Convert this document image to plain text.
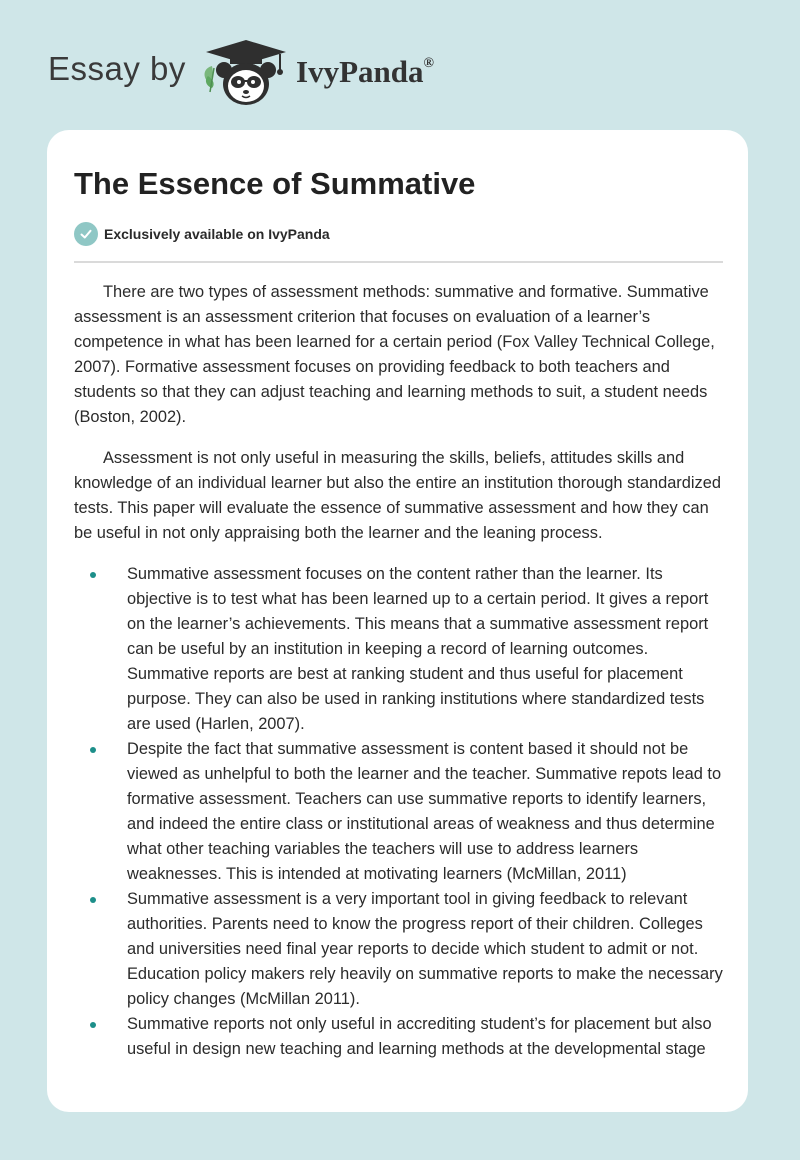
Essay by	IvyPanda®
The Essence of Summative
Exclusively available on IvyPanda

There are two types of assessment methods: summative and formative. Summative assessment is an assessment criterion that focuses on evaluation of a learner’s competence in what has been learned for a certain period (Fox Valley Technical College, 2007). Formative assessment focuses on providing feedback to both teachers and students so that they can adjust teaching and learning methods to suit, a student needs (Boston, 2002).

Assessment is not only useful in measuring the skills, beliefs, attitudes skills and knowledge of an individual learner but also the entire an institution thorough standardized tests. This paper will evaluate the essence of summative assessment and how they can be useful in not only appraising both the learner and the leaning process.

Summative assessment focuses on the content rather than the learner. Its objective is to test what has been learned up to a certain period. It gives a report on the learner’s achievements. This means that a summative assessment report can be useful by an institution in keeping a record of learning outcomes. Summative reports are best at ranking student and thus useful for placement purpose. They can also be used in ranking institutions where standardized tests are used (Harlen, 2007).
Despite the fact that summative assessment is content based it should not be viewed as unhelpful to both the learner and the teacher. Summative repots lead to formative assessment. Teachers can use summative reports to identify learners, and indeed the entire class or institutional areas of weakness and thus determine what other teaching variables the teachers will use to address learners weaknesses. This is intended at motivating learners (McMillan, 2011)
Summative assessment is a very important tool in giving feedback to relevant authorities. Parents need to know the progress report of their children. Colleges and universities need final year reports to decide which student to admit or not. Education policy makers rely heavily on summative reports to make the necessary policy changes (McMillan 2011).
Summative reports not only useful in accrediting student’s for placement but also useful in design new teaching and learning methods at the developmental stage
